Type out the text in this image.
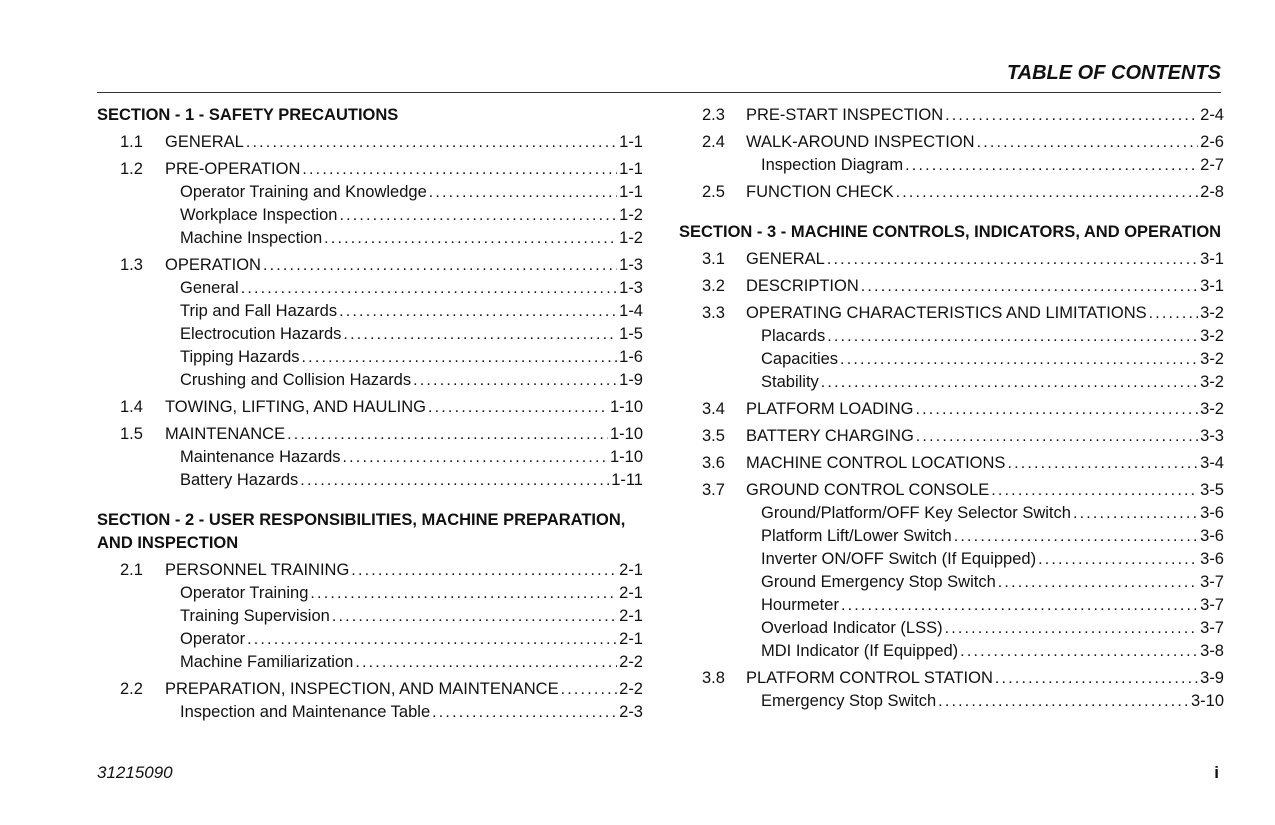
TABLE OF CONTENTS
SECTION - 1 - SAFETY PRECAUTIONS
1.1	GENERAL .....	1-1
1.2	PRE-OPERATION .....	1-1
Operator Training and Knowledge .....	1-1
Workplace Inspection .....	1-2
Machine Inspection .....	1-2
1.3	OPERATION .....	1-3
General .....	1-3
Trip and Fall Hazards .....	1-4
Electrocution Hazards .....	1-5
Tipping Hazards .....	1-6
Crushing and Collision Hazards .....	1-9
1.4	TOWING, LIFTING, AND HAULING .....	1-10
1.5	MAINTENANCE .....	1-10
Maintenance Hazards .....	1-10
Battery Hazards .....	1-11
SECTION - 2 - USER RESPONSIBILITIES, MACHINE PREPARATION, AND INSPECTION
2.1	PERSONNEL TRAINING .....	2-1
Operator Training .....	2-1
Training Supervision .....	2-1
Operator .....	2-1
Machine Familiarization .....	2-2
2.2	PREPARATION, INSPECTION, AND MAINTENANCE .....	2-2
Inspection and Maintenance Table .....	2-3
2.3	PRE-START INSPECTION .....	2-4
2.4	WALK-AROUND INSPECTION .....	2-6
Inspection Diagram .....	2-7
2.5	FUNCTION CHECK .....	2-8
SECTION - 3 - MACHINE CONTROLS, INDICATORS, AND OPERATION
3.1	GENERAL .....	3-1
3.2	DESCRIPTION .....	3-1
3.3	OPERATING CHARACTERISTICS AND LIMITATIONS .....	3-2
Placards .....	3-2
Capacities .....	3-2
Stability .....	3-2
3.4	PLATFORM LOADING .....	3-2
3.5	BATTERY CHARGING .....	3-3
3.6	MACHINE CONTROL LOCATIONS .....	3-4
3.7	GROUND CONTROL CONSOLE .....	3-5
Ground/Platform/OFF Key Selector Switch .....	3-6
Platform Lift/Lower Switch .....	3-6
Inverter ON/OFF Switch (If Equipped) .....	3-6
Ground Emergency Stop Switch .....	3-7
Hourmeter .....	3-7
Overload Indicator (LSS) .....	3-7
MDI Indicator (If Equipped) .....	3-8
3.8	PLATFORM CONTROL STATION .....	3-9
Emergency Stop Switch .....	3-10
31215090	i
